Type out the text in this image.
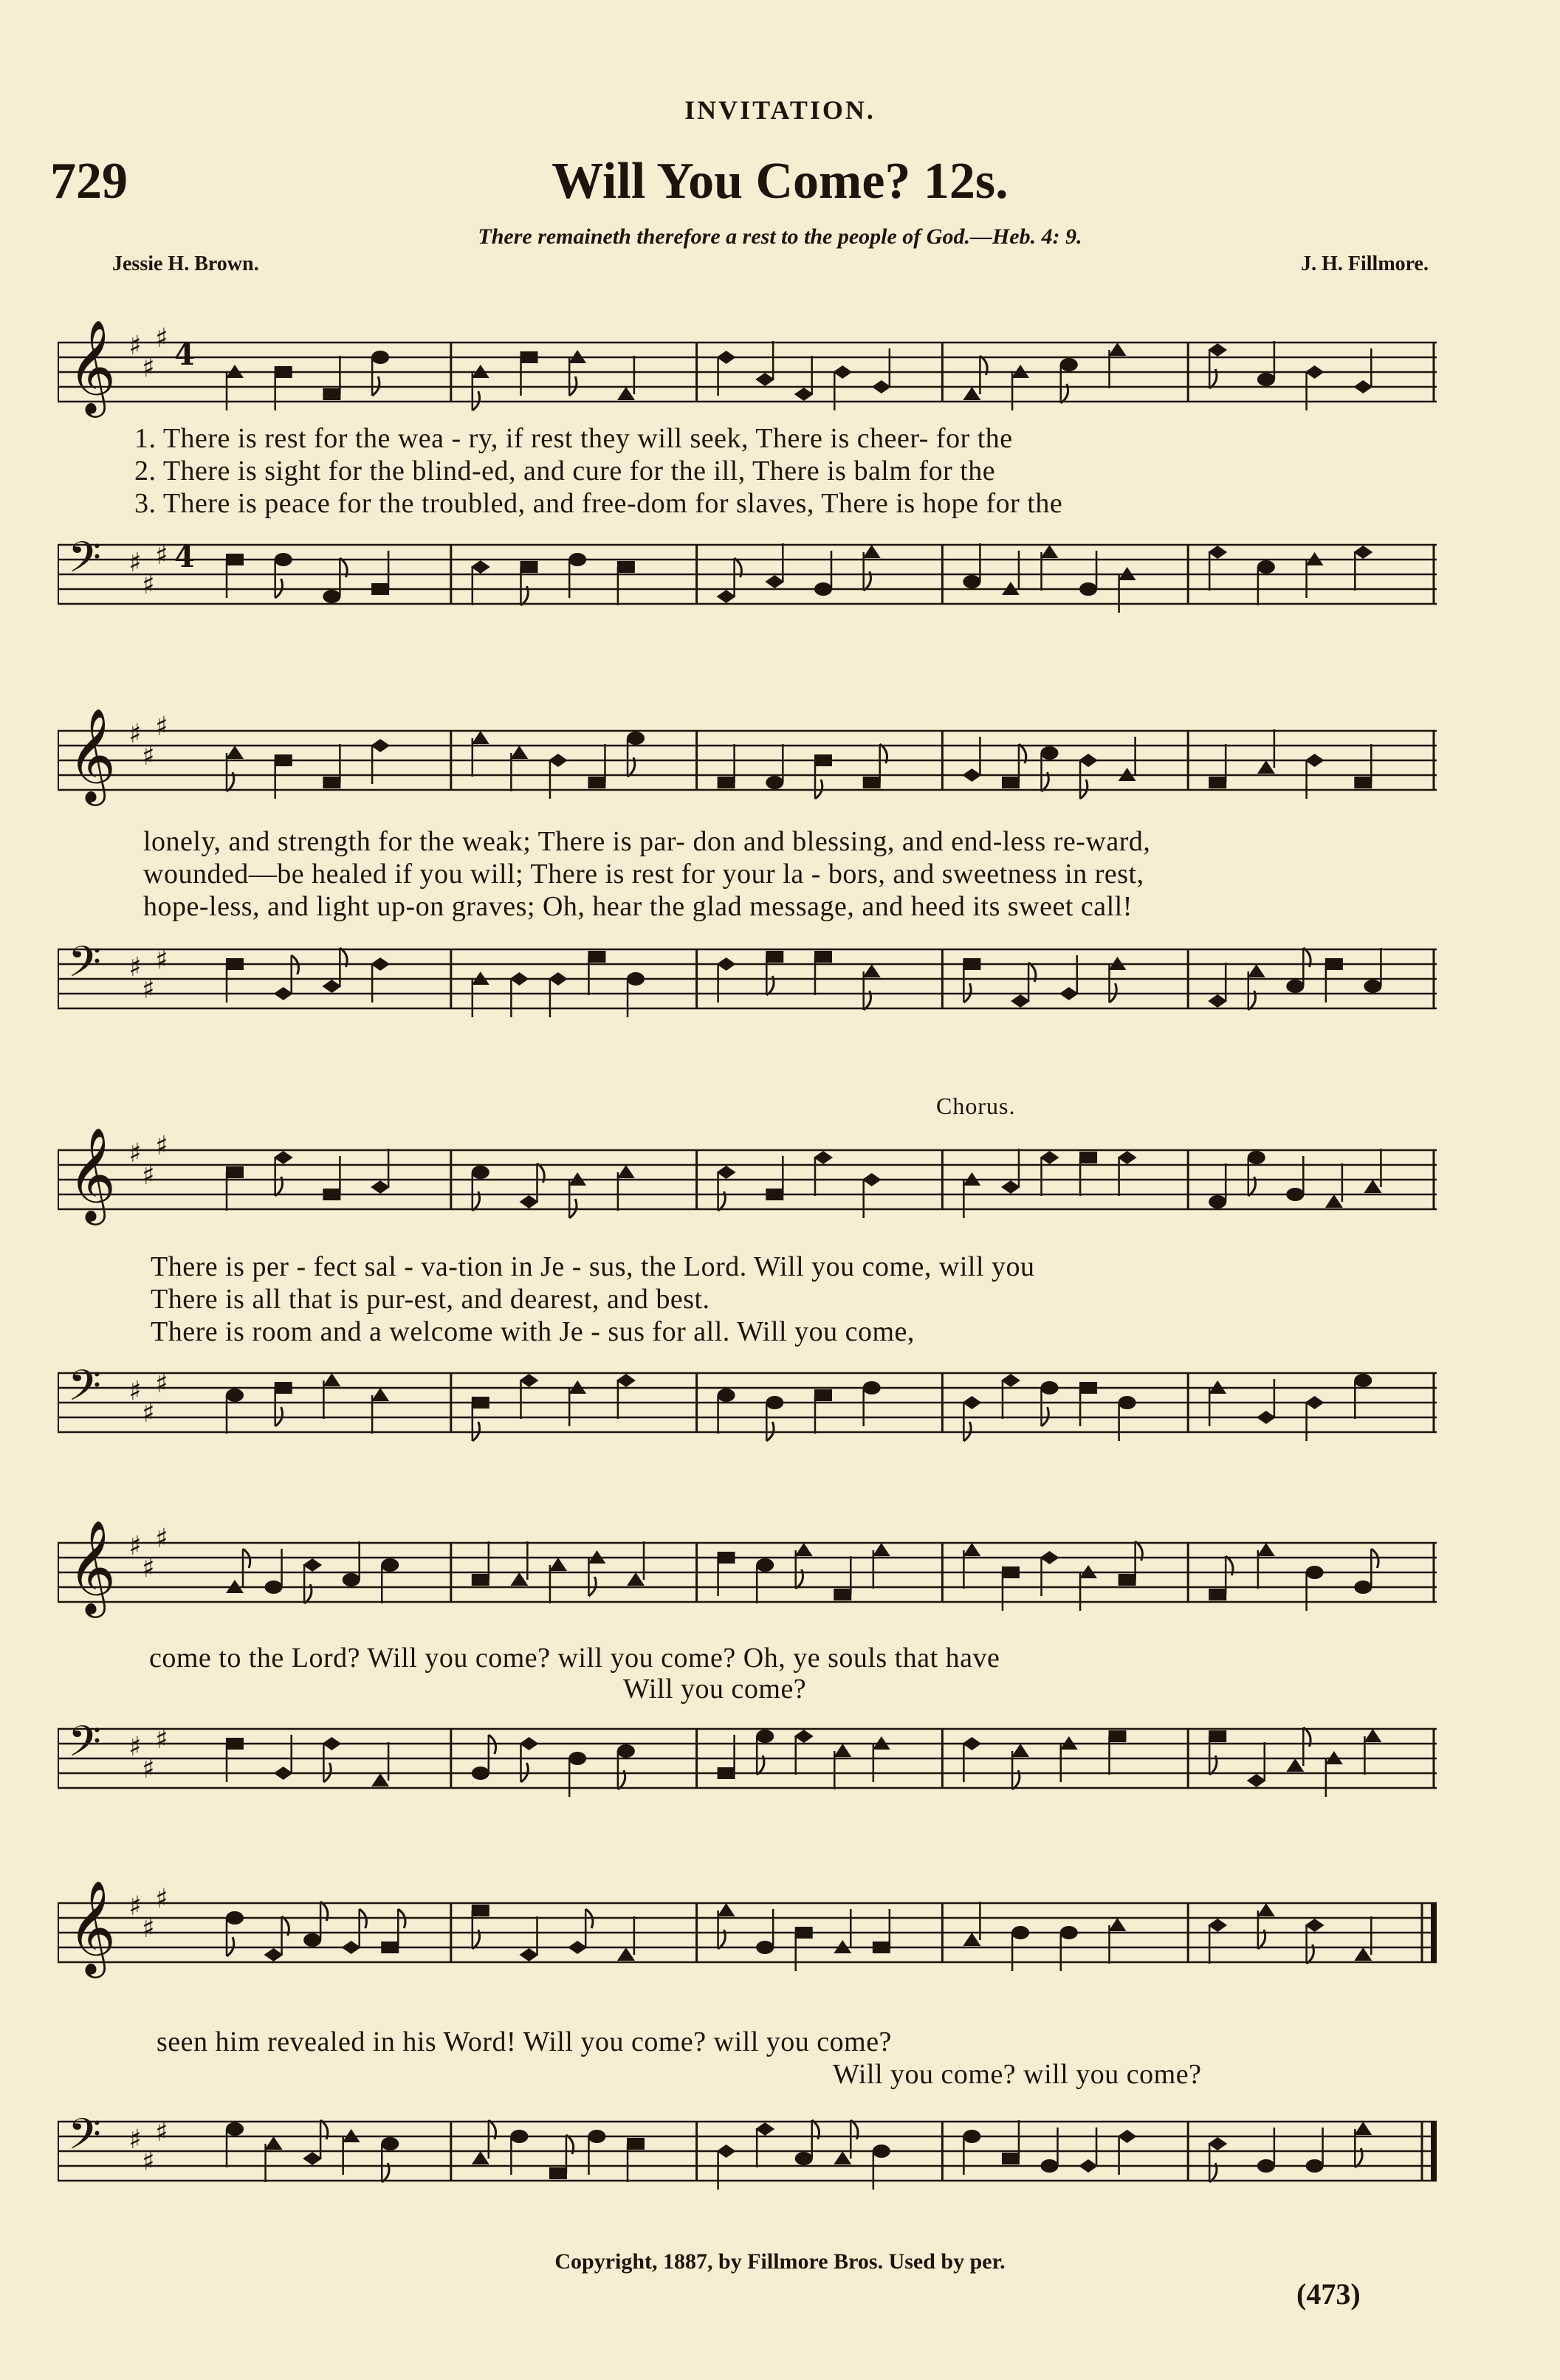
INVITATION.
729	Will You Come? 12s.
There remaineth therefore a rest to the people of God.—Heb. 4: 9.
Jessie H. Brown.	J. H. Fillmore.
𝄞 ♯
♯
♯ 4
1. There is rest for the wea - ry, if rest they will seek, There is cheer- for the
2. There is sight for the blind-ed, and cure for the ill, There is balm for the
3. There is peace for the troubled, and free-dom for slaves, There is hope for the
𝄢 ♯
♯
♯ 4
𝄞 ♯
♯
♯
lonely, and strength for the weak; There is par- don and blessing, and end-less re-ward,
wounded—be healed if you will; There is rest for your la - bors, and sweetness in rest,
hope-less, and light up-on graves; Oh, hear the glad message, and heed its sweet call!
𝄢 ♯
♯
♯
Chorus.
𝄞 ♯
♯
♯
There is per - fect sal - va-tion in Je - sus, the Lord. Will you come, will you
There is all that is pur-est, and dearest, and best.
There is room and a welcome with Je - sus for all. Will you come,
𝄢 ♯
♯
♯
𝄞 ♯
♯
♯
come to the Lord? Will you come? will you come? Oh, ye souls that have
Will you come?
𝄢 ♯
♯
♯
𝄞 ♯
♯
♯
seen him revealed in his Word! Will you come? will you come?
Will you come? will you come?
𝄢 ♯
♯
♯
Copyright, 1887, by Fillmore Bros. Used by per.
(473)
